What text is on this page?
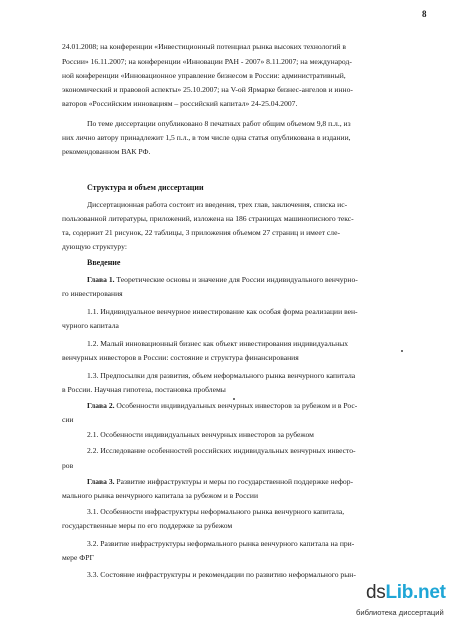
8
24.01.2008; на конференции «Инвестиционный потенциал рынка высоких технологий в
России» 16.11.2007; на конференции «Инновации РАН - 2007» 8.11.2007; на международ-
ной конференции «Инновационное управление бизнесом в России: административный,
экономический и правовой аспекты» 25.10.2007; на V-ой Ярмарке бизнес-ангелов и инно-
ваторов «Российским инновациям – российский капитал» 24-25.04.2007.
По теме диссертации опубликовано 8 печатных работ общим объемом 9,8 п.л., из
них лично автору принадлежит 1,5 п.л., в том числе одна статья опубликована в издании,
рекомендованном ВАК РФ.
Структура и объем диссертации
Диссертационная работа состоит из введения, трех глав, заключения, списка ис-
пользованной литературы, приложений, изложена на 186 страницах машинописного текс-
та, содержит 21 рисунок, 22 таблицы, 3 приложения объемом 27 страниц и имеет сле-
дующую структуру:
Введение
Глава 1. Теоретические основы и значение для России индивидуального венчурно-
го инвестирования
1.1. Индивидуальное венчурное инвестирование как особая форма реализации вен-
чурного капитала
1.2. Малый инновационный бизнес как объект инвестирования индивидуальных
венчурных инвесторов в России: состояние и структура финансирования
1.3. Предпосылки для развития, объем неформального рынка венчурного капитала
в России. Научная гипотеза, постановка проблемы
Глава 2. Особенности индивидуальных венчурных инвесторов за рубежом и в Рос-
сии
2.1. Особенности индивидуальных венчурных инвесторов за рубежом
2.2. Исследование особенностей российских индивидуальных венчурных инвесто-
ров
Глава 3. Развитие инфраструктуры и меры по государственной поддержке нефор-
мального рынка венчурного капитала за рубежом и в России
3.1. Особенности инфраструктуры неформального рынка венчурного капитала,
государственные меры по его поддержке за рубежом
3.2. Развитие инфраструктуры неформального рынка венчурного капитала на при-
мере ФРГ
3.3. Состояние инфраструктуры и рекомендации по развитию неформального рын-
dsLib.net
библиотека диссертаций
